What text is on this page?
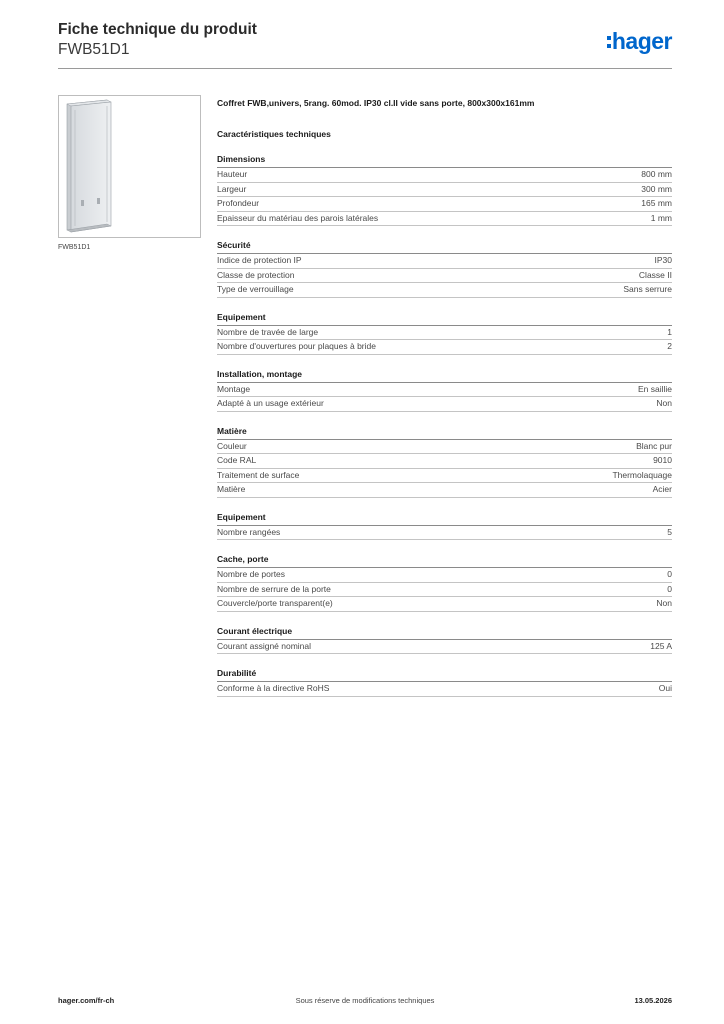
Fiche technique du produit
FWB51D1	hager
FWB51D1
Coffret FWB,univers, 5rang. 60mod. IP30 cl.II vide sans porte, 800x300x161mm
Caractéristiques techniques
Dimensions
Hauteur	800 mm
Largeur	300 mm
Profondeur	165 mm
Epaisseur du matériau des parois latérales	1 mm
Sécurité
Indice de protection IP	IP30
Classe de protection	Classe II
Type de verrouillage	Sans serrure
Equipement
Nombre de travée de large	1
Nombre d'ouvertures pour plaques à bride	2
Installation, montage
Montage	En saillie
Adapté à un usage extérieur	Non
Matière
Couleur	Blanc pur
Code RAL	9010
Traitement de surface	Thermolaquage
Matière	Acier
Equipement
Nombre rangées	5
Cache, porte
Nombre de portes	0
Nombre de serrure de la porte	0
Couvercle/porte transparent(e)	Non
Courant électrique
Courant assigné nominal	125 A
Durabilité
Conforme à la directive RoHS	Oui
hager.com/fr-ch	Sous réserve de modifications techniques	13.05.2026
